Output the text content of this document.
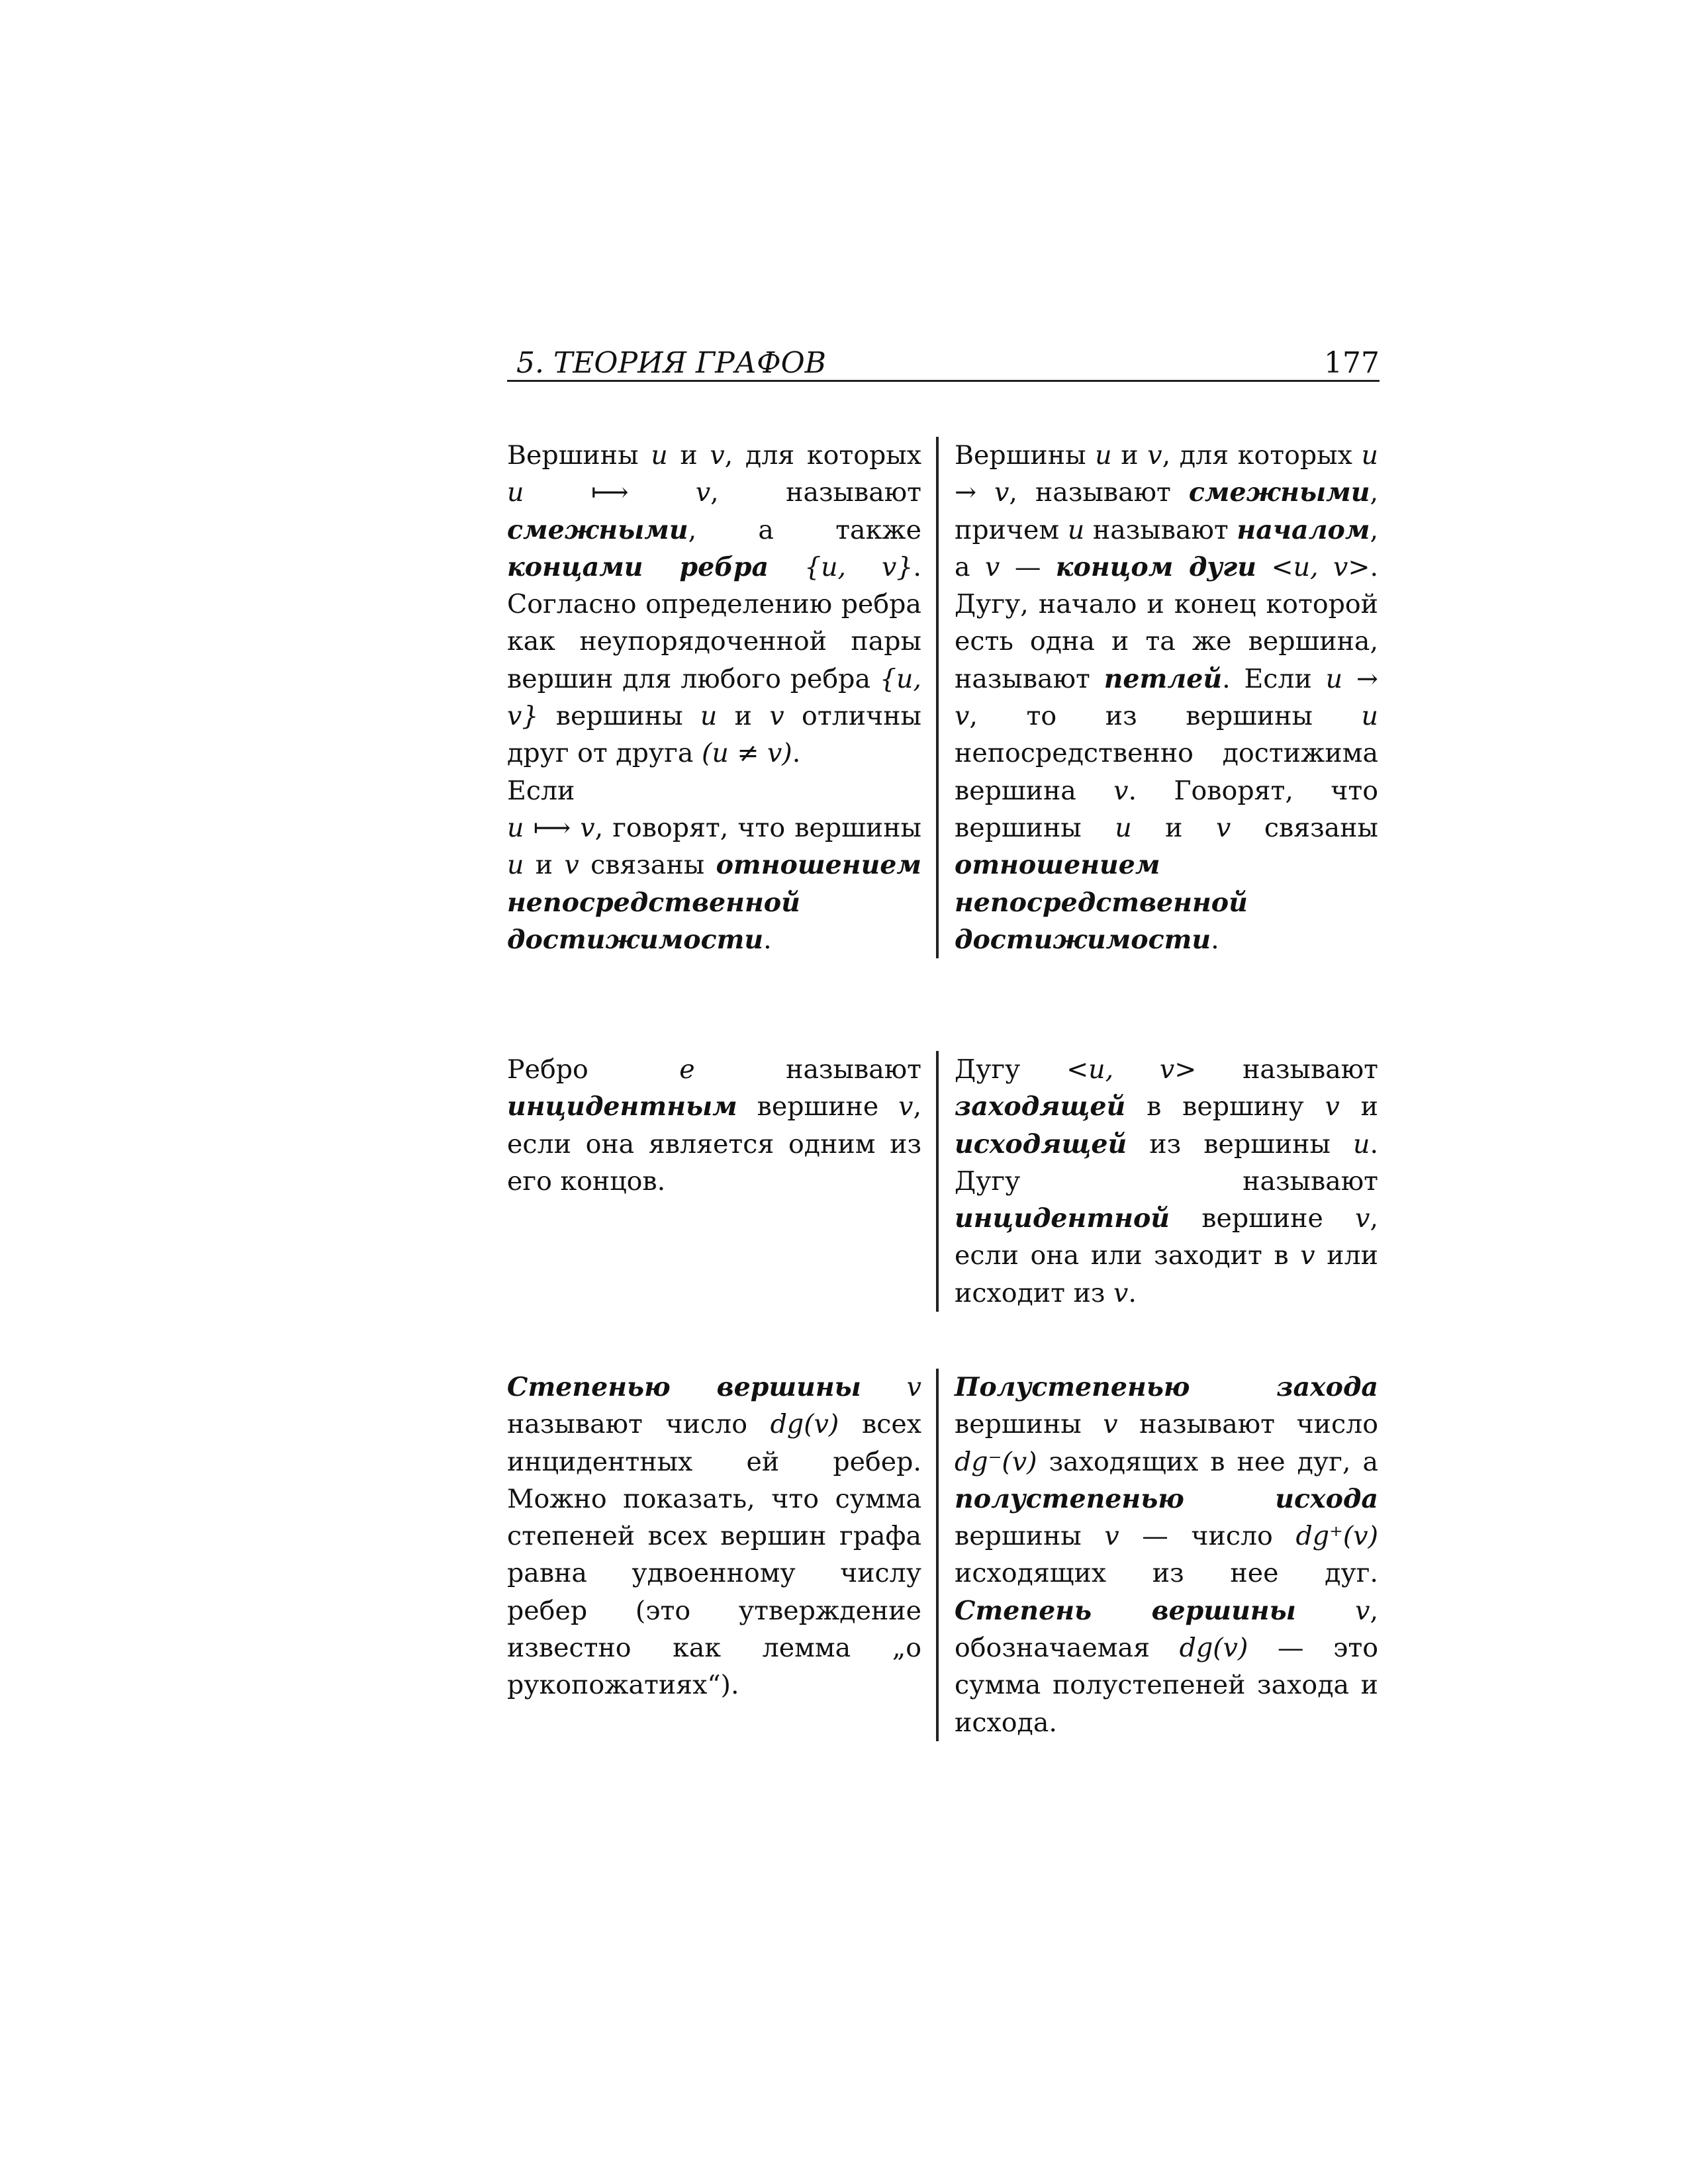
5. ТЕОРИЯ ГРАФОВ	177
Вершины u и v, для которых u ⟼ v, называют смежными, а также концами ребра {u, v}. Согласно определению ребра как неупорядоченной пары вершин для любого ребра {u, v} вершины u и v отличны друг от друга (u ≠ v).
Если
u ⟼ v, говорят, что вершины u и v связаны отношением непосредственной достижимости.
Вершины u и v, для которых u → v, называют смежными, причем u называют началом, а v — концом дуги <u, v>. Дугу, начало и конец которой есть одна и та же вершина, называют петлей. Если u → v, то из вершины u непосредственно достижима вершина v. Говорят, что вершины u и v связаны отношением непосредственной достижимости.
Ребро e называют инцидентным вершине v, если она является одним из его концов.
Дугу <u, v> называют заходящей в вершину v и исходящей из вершины u. Дугу называют инцидентной вершине v, если она или заходит в v или исходит из v.
Степенью вершины v называют число dg(v) всех инцидентных ей ребер. Можно показать, что сумма степеней всех вершин графа равна удвоенному числу ребер (это утверждение известно как лемма „о рукопожатиях“).
Полустепенью захода вершины v называют число dg⁻(v) заходящих в нее дуг, а полустепенью исхода вершины v — число dg⁺(v) исходящих из нее дуг. Степень вершины v, обозначаемая dg(v) — это сумма полустепеней захода и исхода.
